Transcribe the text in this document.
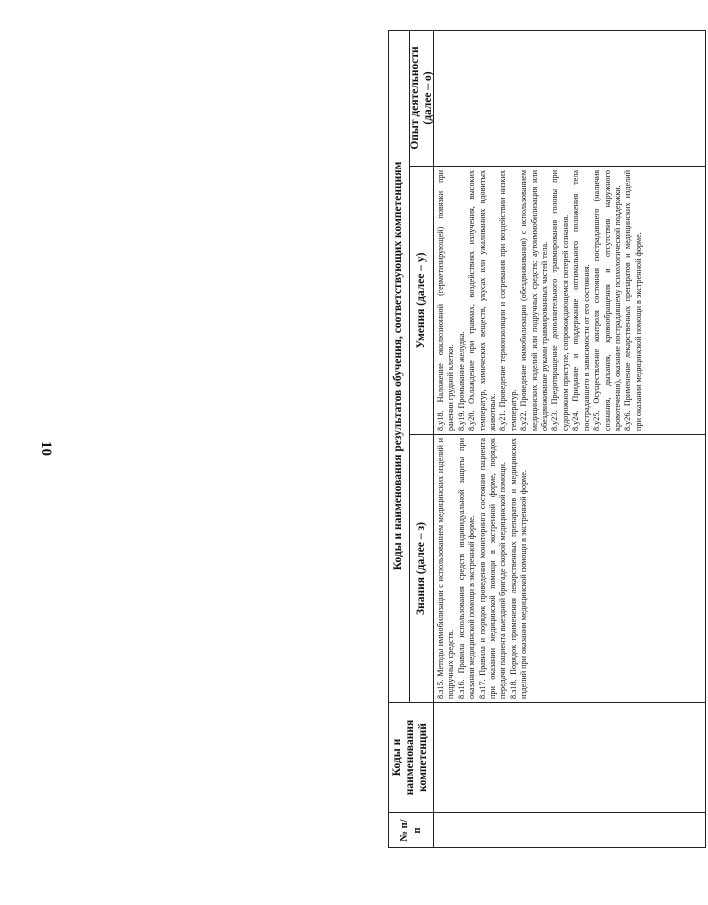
10
№ п/п
Коды и наименования компетенций
Коды и наименования результатов обучения, соответствующих компетенциям Знания (далее – з)
Умения (далее – у)
Опыт деятельности (далее – о)

8.з15. Методы иммобилизации с использованием медицинских изделий и подручных средств. 8.з16. Правила использования средств индивидуальной защиты при оказании медицинской помощи в экстренной форме. 8.з17. Правила и порядок проведения мониторинга состояния пациента при оказании медицинской помощи в экстренной форме, порядок передачи пациента выездной бригаде скорой медицинской помощи. 8.з18. Порядок применения лекарственных препаратов и медицинских изделий при оказании медицинской помощи в экстренной форме.

8.у18. Наложение окклюзионной (герметизирующей) повязки при ранении грудной клетки. 8.у19. Промывание желудка. 8.у20. Охлаждение при травмах, воздействиях излучения, высоких температур, химических веществ, укусах или ужаливаниях ядовитых животных. 8.у21. Проведение термоизоляции и согревания при воздействии низких температур. 8.у22. Проведение иммобилизации (обездвиживания) с использованием медицинских изделий или подручных средств; аутоиммобилизация или обездвиживание руками травмированных частей тела. 8.у23. Предотвращение дополнительного травмирования головы при судорожном приступе, сопровождающемся потерей сознания. 8.у24. Придание и поддержание оптимального положения тела пострадавшего в зависимости от его состояния. 8.у25. Осуществление контроля состояния пострадавшего (наличия сознания, дыхания, кровообращения и отсутствия наружного кровотечения), оказание пострадавшему психологической поддержки. 8.у26. Применение лекарственных препаратов и медицинских изделий при оказании медицинской помощи в экстренной форме.
